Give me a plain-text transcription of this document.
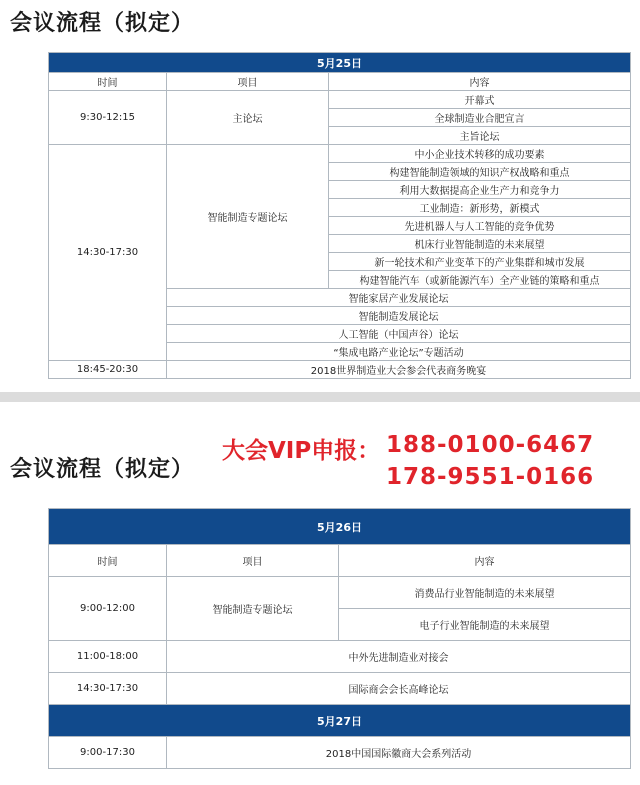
会议流程（拟定）
5月25日		
时间	项目	内容
9:30-12:15	主论坛	开幕式
		全球制造业合肥宣言
		主旨论坛
14:30-17:30	智能制造专题论坛	中小企业技术转移的成功要素
		构建智能制造领域的知识产权战略和重点
		利用大数据提高企业生产力和竞争力
		工业制造：新形势，新模式
		先进机器人与人工智能的竞争优势
		机床行业智能制造的未来展望
		新一轮技术和产业变革下的产业集群和城市发展
		构建智能汽车（或新能源汽车）全产业链的策略和重点
	智能家居产业发展论坛	
	智能制造发展论坛	
	人工智能（中国声谷）论坛	
	“集成电路产业论坛”专题活动	
18:45-20:30	2018世界制造业大会参会代表商务晚宴	
会议流程（拟定）
大会VIP申报： 188-0100-6467
178-9551-0166
5月26日		
时间	项目	内容
9:00-12:00	智能制造专题论坛	消费品行业智能制造的未来展望
		电子行业智能制造的未来展望
11:00-18:00	中外先进制造业对接会	
14:30-17:30	国际商会会长高峰论坛	
5月27日		
9:00-17:30	2018中国国际徽商大会系列活动	
